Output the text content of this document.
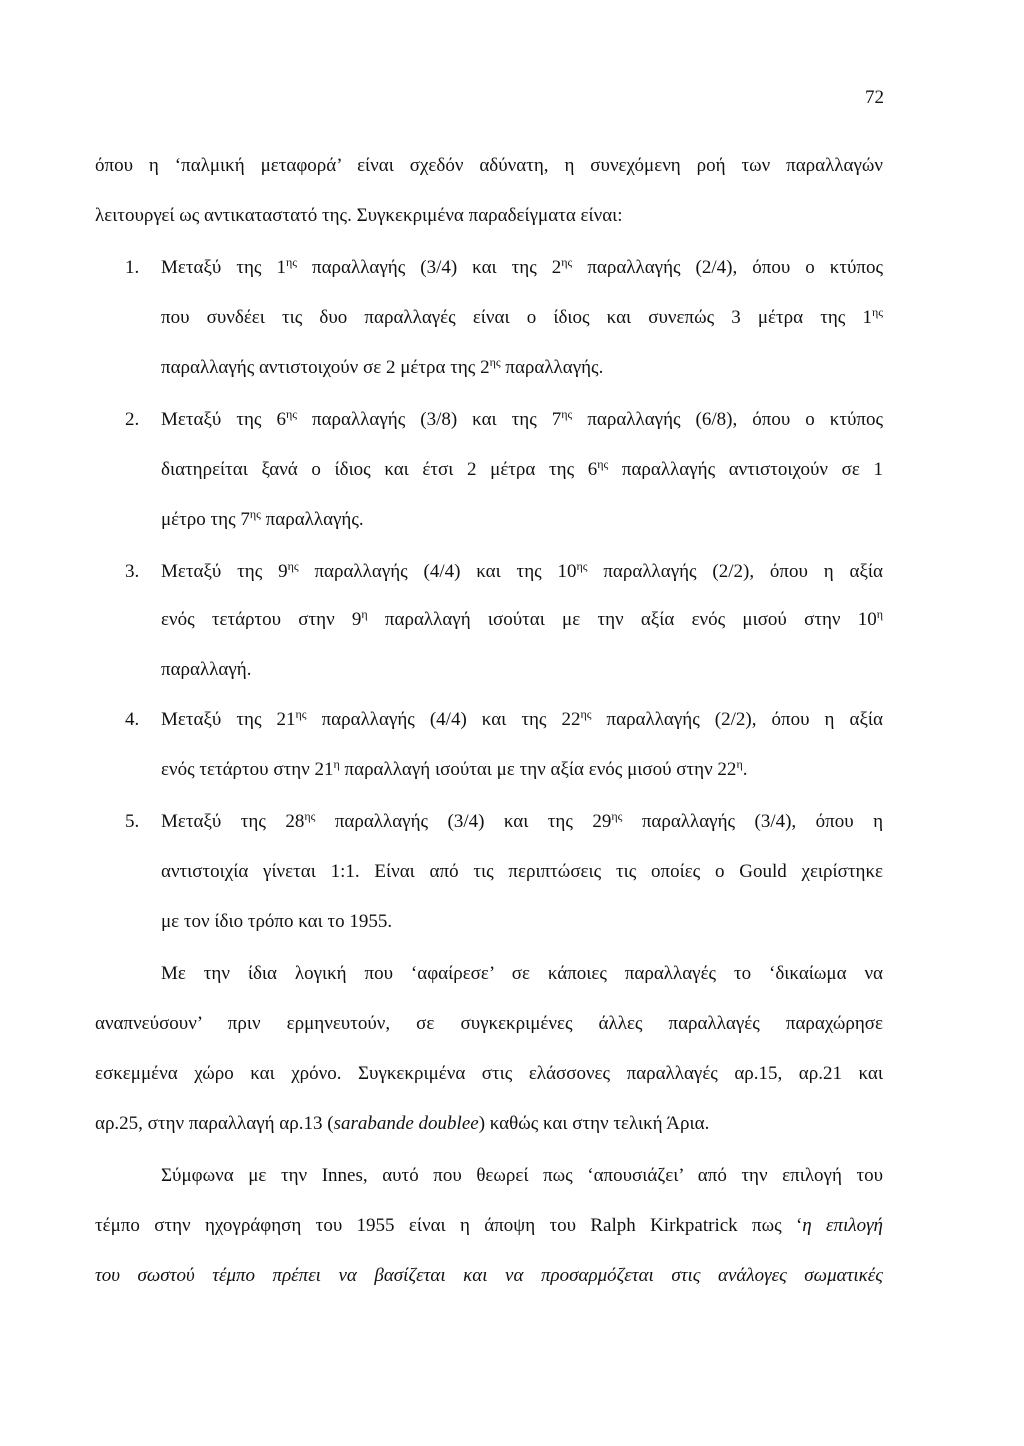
72
όπου η ‘παλμική μεταφορά’ είναι σχεδόν αδύνατη, η συνεχόμενη ροή των παραλλαγών
λειτουργεί ως αντικαταστατό της. Συγκεκριμένα παραδείγματα είναι:
1. Μεταξύ της $1^{\eta\varsigma}$ παραλλαγής (3/4) και της $2^{\eta\varsigma}$ παραλλαγής (2/4), όπου ο κτύπος
που συνδέει τις δυο παραλλαγές είναι ο ίδιος και συνεπώς 3 μέτρα της $1^{\eta\varsigma}$
παραλλαγής αντιστοιχούν σε 2 μέτρα της $2^{\eta\varsigma}$ παραλλαγής.
2. Μεταξύ της $6^{\eta\varsigma}$ παραλλαγής (3/8) και της $7^{\eta\varsigma}$ παραλλαγής (6/8), όπου ο κτύπος
διατηρείται ξανά ο ίδιος και έτσι 2 μέτρα της $6^{\eta\varsigma}$ παραλλαγής αντιστοιχούν σε 1
μέτρο της $7^{\eta\varsigma}$ παραλλαγής.
3. Μεταξύ της $9^{\eta\varsigma}$ παραλλαγής (4/4) και της $10^{\eta\varsigma}$ παραλλαγής (2/2), όπου η αξία
ενός τετάρτου στην $9^\eta$ παραλλαγή ισούται με την αξία ενός μισού στην $10^\eta$
παραλλαγή.
4. Μεταξύ της $21^{\eta\varsigma}$ παραλλαγής (4/4) και της $22^{\eta\varsigma}$ παραλλαγής (2/2), όπου η αξία
ενός τετάρτου στην $21^\eta$ παραλλαγή ισούται με την αξία ενός μισού στην $22^\eta$.
5. Μεταξύ της $28^{\eta\varsigma}$ παραλλαγής (3/4) και της $29^{\eta\varsigma}$ παραλλαγής (3/4), όπου η
αντιστοιχία γίνεται 1:1. Είναι από τις περιπτώσεις τις οποίες ο Gould χειρίστηκε
με τον ίδιο τρόπο και το 1955.
Με την ίδια λογική που ‘αφαίρεσε’ σε κάποιες παραλλαγές το ‘δικαίωμα να
αναπνεύσουν’ πριν ερμηνευτούν, σε συγκεκριμένες άλλες παραλλαγές παραχώρησε
εσκεμμένα χώρο και χρόνο. Συγκεκριμένα στις ελάσσονες παραλλαγές αρ.15, αρ.21 και
αρ.25, στην παραλλαγή αρ.13 (sarabande doublee) καθώς και στην τελική Άρια.
Σύμφωνα με την Innes, αυτό που θεωρεί πως ‘απουσιάζει’ από την επιλογή του
τέμπο στην ηχογράφηση του 1955 είναι η άποψη του Ralph Kirkpatrick πως ‘η επιλογή
του σωστού τέμπο πρέπει να βασίζεται και να προσαρμόζεται στις ανάλογες σωματικές
